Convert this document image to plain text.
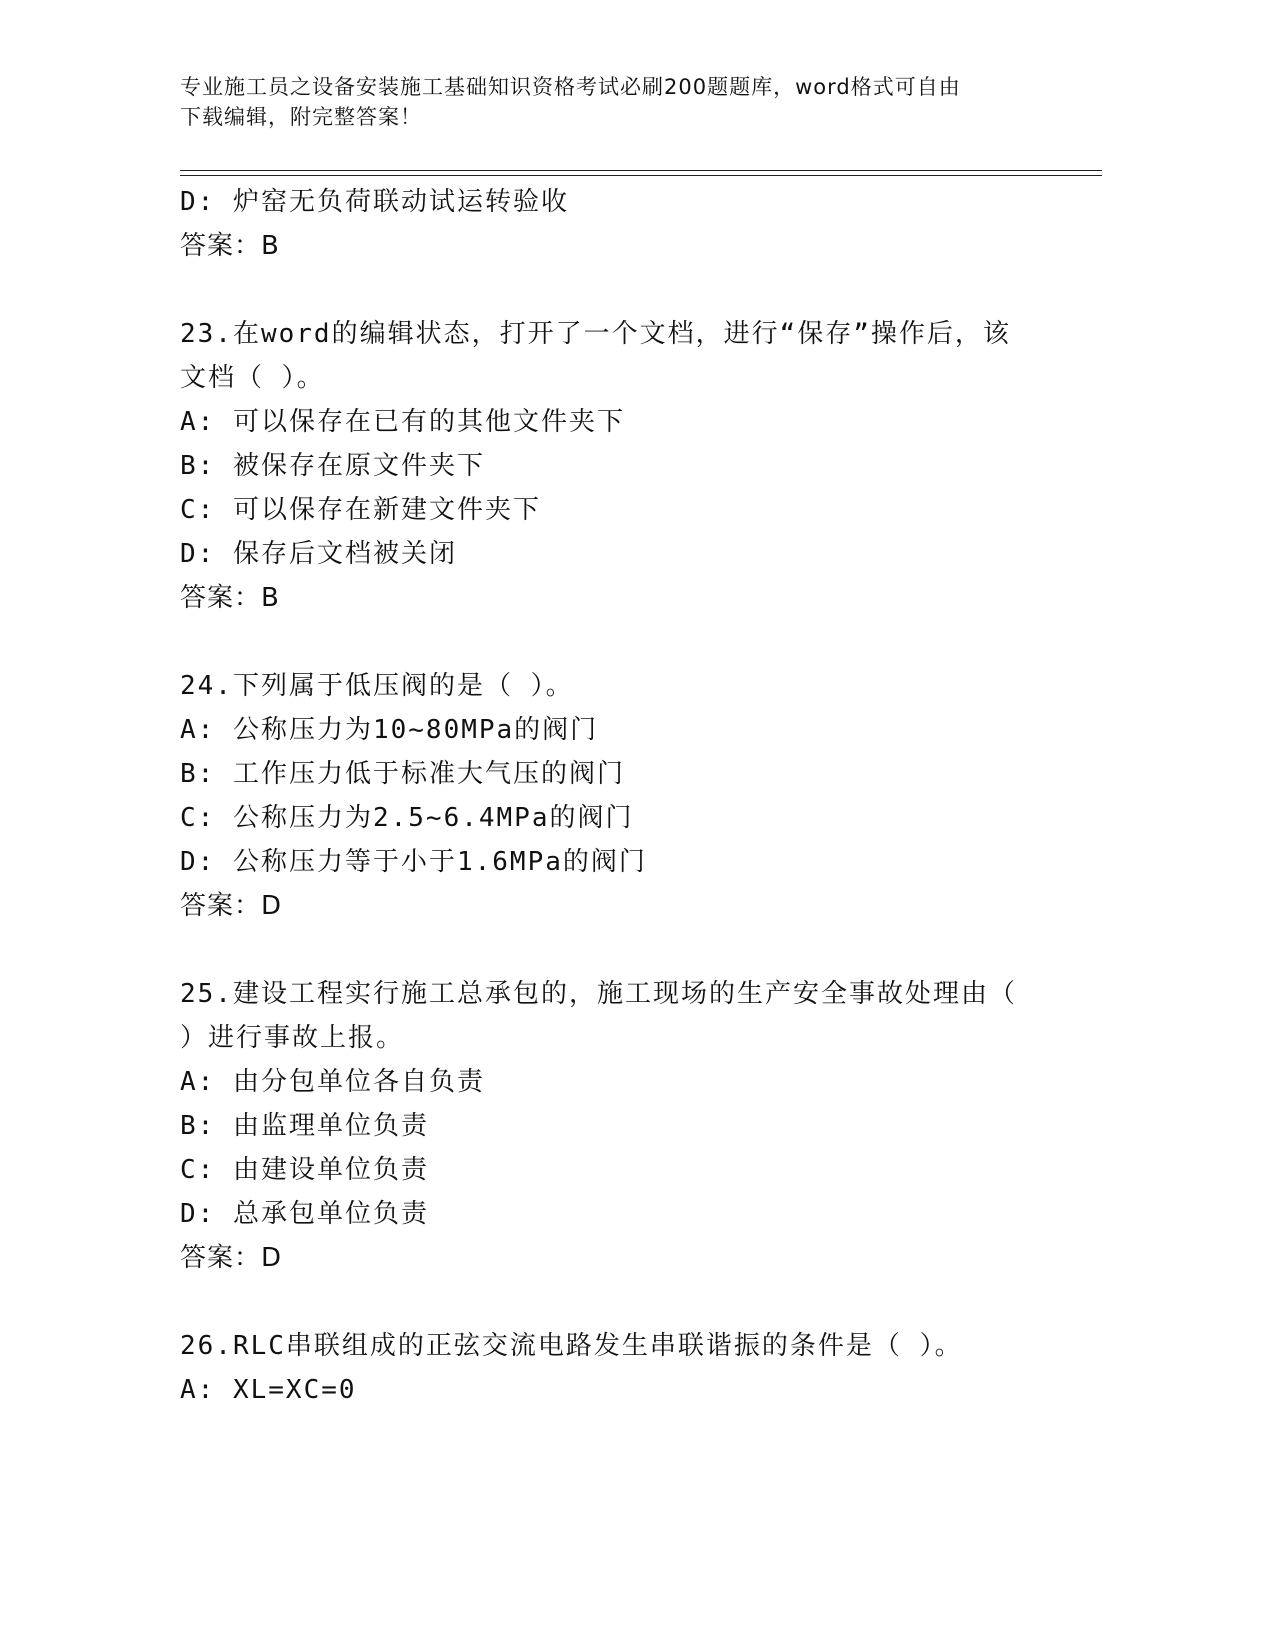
专业施工员之设备安装施工基础知识资格考试必刷200题题库，word格式可自由
下载编辑，附完整答案！
D: 炉窑无负荷联动试运转验收
答案：B
23.在word的编辑状态，打开了一个文档，进行“保存”操作后，该
文档（ ）。
A: 可以保存在已有的其他文件夹下
B: 被保存在原文件夹下
C: 可以保存在新建文件夹下
D: 保存后文档被关闭
答案：B
24.下列属于低压阀的是（ ）。
A: 公称压力为10~80MPa的阀门
B: 工作压力低于标准大气压的阀门
C: 公称压力为2.5~6.4MPa的阀门
D: 公称压力等于小于1.6MPa的阀门
答案：D
25.建设工程实行施工总承包的，施工现场的生产安全事故处理由（
）进行事故上报。
A: 由分包单位各自负责
B: 由监理单位负责
C: 由建设单位负责
D: 总承包单位负责
答案：D
26.RLC串联组成的正弦交流电路发生串联谐振的条件是（ ）。
A: XL=XC=0
